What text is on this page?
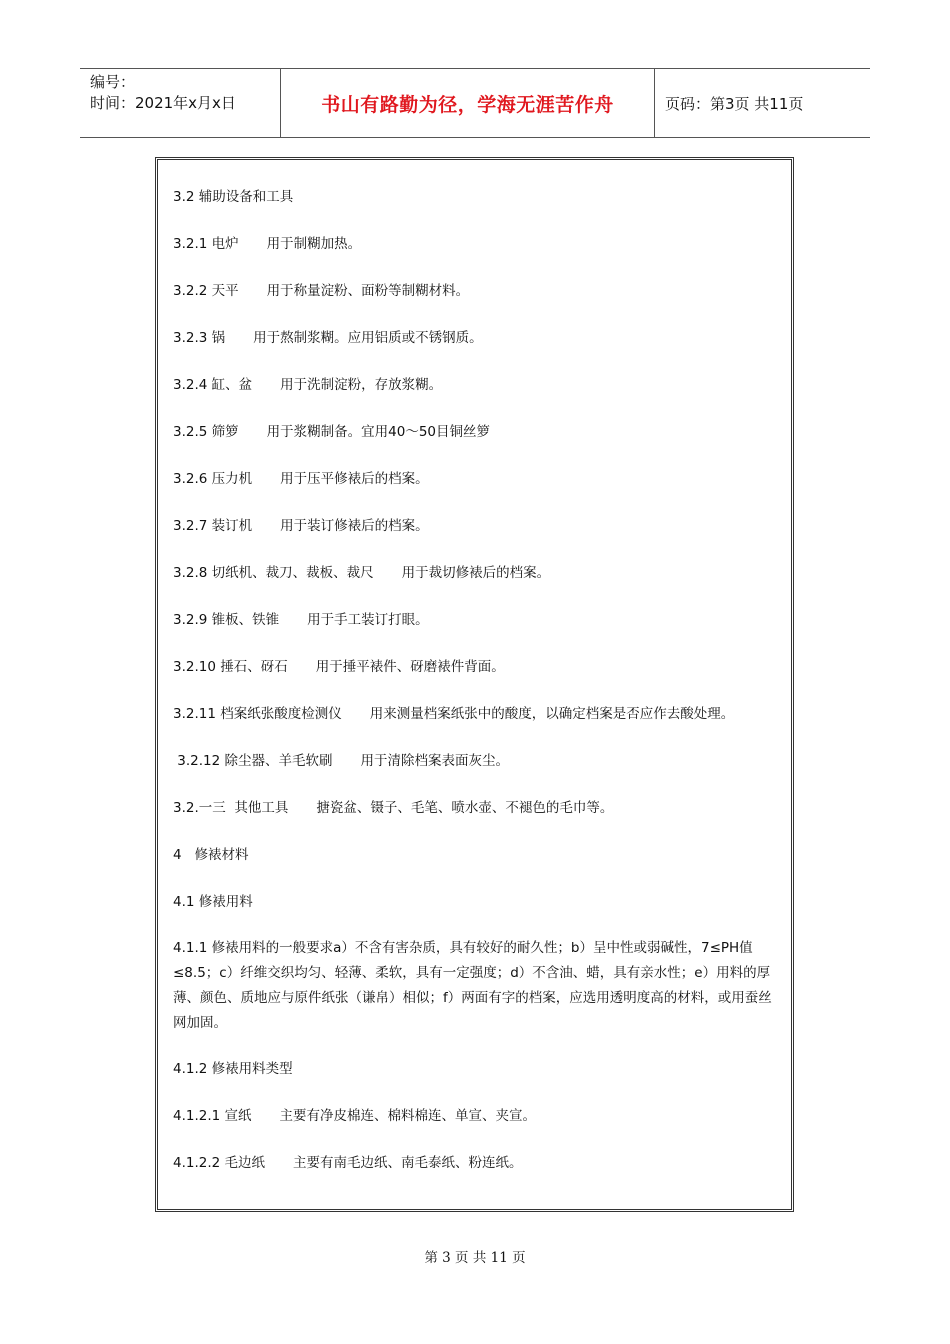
编号：
时间：2021年x月x日	书山有路勤为径，学海无涯苦作舟	页码：第3页 共11页
3.2 辅助设备和工具
3.2.1 电炉 用于制糊加热。
3.2.2 天平 用于称量淀粉、面粉等制糊材料。
3.2.3 锅 用于熬制浆糊。应用铝质或不锈钢质。
3.2.4 缸、盆 用于洗制淀粉，存放浆糊。
3.2.5 筛箩 用于浆糊制备。宜用40～50目铜丝箩
3.2.6 压力机 用于压平修裱后的档案。
3.2.7 装订机 用于装订修裱后的档案。
3.2.8 切纸机、裁刀、裁板、裁尺 用于裁切修裱后的档案。
3.2.9 锥板、铁锥 用于手工装订打眼。
3.2.10 捶石、砑石 用于捶平裱件、砑磨裱件背面。
3.2.11 档案纸张酸度检测仪 用来测量档案纸张中的酸度，以确定档案是否应作去酸处理。
3.2.12 除尘器、羊毛软刷 用于清除档案表面灰尘。
3.2.一三  其他工具 搪瓷盆、镊子、毛笔、喷水壶、不褪色的毛巾等。
4   修裱材料
4.1 修裱用料
4.1.1 修裱用料的一般要求a）不含有害杂质，具有较好的耐久性；b）呈中性或弱碱性，7≤PH值≤8.5；c）纤维交织均匀、轻薄、柔软，具有一定强度；d）不含油、蜡，具有亲水性；e）用料的厚薄、颜色、质地应与原件纸张（谦帛）相似；f）两面有字的档案，应选用透明度高的材料，或用蚕丝网加固。
4.1.2 修裱用料类型
4.1.2.1 宣纸 主要有净皮棉连、棉料棉连、单宣、夹宣。
4.1.2.2 毛边纸 主要有南毛边纸、南毛泰纸、粉连纸。
第 3 页 共 11 页
